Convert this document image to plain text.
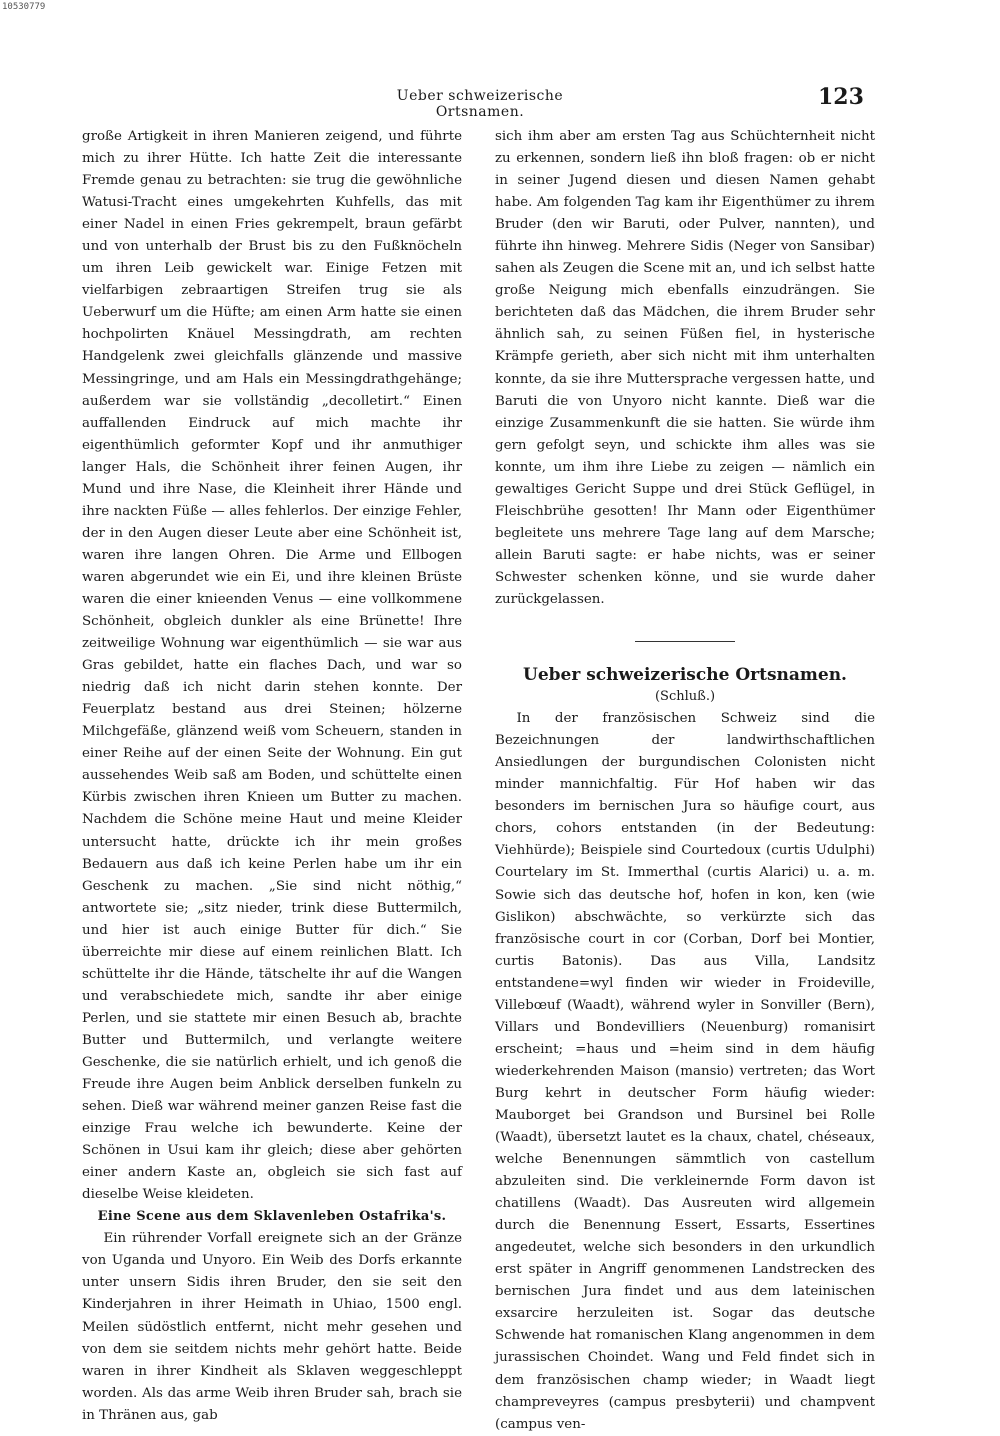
10530779
Ueber schweizerische Ortsnamen.
123

große Artigkeit in ihren Manieren zeigend, und führte mich zu ihrer Hütte. Ich hatte Zeit die interessante Fremde genau zu betrachten: sie trug die gewöhnliche Watusi-Tracht eines umgekehrten Kuhfells, das mit einer Nadel in einen Fries gekrempelt, braun gefärbt und von unterhalb der Brust bis zu den Fußknöcheln um ihren Leib gewickelt war. Einige Fetzen mit vielfarbigen zebraartigen Streifen trug sie als Ueberwurf um die Hüfte; am einen Arm hatte sie einen hochpolirten Knäuel Messingdrath, am rechten Handgelenk zwei gleichfalls glänzende und massive Messingringe, und am Hals ein Messingdrathgehänge; außerdem war sie vollständig „decolletirt.“ Einen auffallenden Eindruck auf mich machte ihr eigenthümlich geformter Kopf und ihr anmuthiger langer Hals, die Schönheit ihrer feinen Augen, ihr Mund und ihre Nase, die Kleinheit ihrer Hände und ihre nackten Füße — alles fehlerlos. Der einzige Fehler, der in den Augen dieser Leute aber eine Schönheit ist, waren ihre langen Ohren. Die Arme und Ellbogen waren abgerundet wie ein Ei, und ihre kleinen Brüste waren die einer knieenden Venus — eine vollkommene Schönheit, obgleich dunkler als eine Brünette! Ihre zeitweilige Wohnung war eigenthümlich — sie war aus Gras gebildet, hatte ein flaches Dach, und war so niedrig daß ich nicht darin stehen konnte. Der Feuerplatz bestand aus drei Steinen; hölzerne Milchgefäße, glänzend weiß vom Scheuern, standen in einer Reihe auf der einen Seite der Wohnung. Ein gut aussehendes Weib saß am Boden, und schüttelte einen Kürbis zwischen ihren Knieen um Butter zu machen. Nachdem die Schöne meine Haut und meine Kleider untersucht hatte, drückte ich ihr mein großes Bedauern aus daß ich keine Perlen habe um ihr ein Geschenk zu machen. „Sie sind nicht nöthig,“ antwortete sie; „sitz nieder, trink diese Buttermilch, und hier ist auch einige Butter für dich.“ Sie überreichte mir diese auf einem reinlichen Blatt. Ich schüttelte ihr die Hände, tätschelte ihr auf die Wangen und verabschiedete mich, sandte ihr aber einige Perlen, und sie stattete mir einen Besuch ab, brachte Butter und Buttermilch, und verlangte weitere Geschenke, die sie natürlich erhielt, und ich genoß die Freude ihre Augen beim Anblick derselben funkeln zu sehen. Dieß war während meiner ganzen Reise fast die einzige Frau welche ich bewunderte. Keine der Schönen in Usui kam ihr gleich; diese aber gehörten einer andern Kaste an, obgleich sie sich fast auf dieselbe Weise kleideten.

Eine Scene aus dem Sklavenleben Ostafrika's.

Ein rührender Vorfall ereignete sich an der Gränze von Uganda und Unyoro. Ein Weib des Dorfs erkannte unter unsern Sidis ihren Bruder, den sie seit den Kinderjahren in ihrer Heimath in Uhiao, 1500 engl. Meilen südöstlich entfernt, nicht mehr gesehen und von dem sie seitdem nichts mehr gehört hatte. Beide waren in ihrer Kindheit als Sklaven weggeschleppt worden. Als das arme Weib ihren Bruder sah, brach sie in Thränen aus, gab

sich ihm aber am ersten Tag aus Schüchternheit nicht zu erkennen, sondern ließ ihn bloß fragen: ob er nicht in seiner Jugend diesen und diesen Namen gehabt habe. Am folgenden Tag kam ihr Eigenthümer zu ihrem Bruder (den wir Baruti, oder Pulver, nannten), und führte ihn hinweg. Mehrere Sidis (Neger von Sansibar) sahen als Zeugen die Scene mit an, und ich selbst hatte große Neigung mich ebenfalls einzudrängen. Sie berichteten daß das Mädchen, die ihrem Bruder sehr ähnlich sah, zu seinen Füßen fiel, in hysterische Krämpfe gerieth, aber sich nicht mit ihm unterhalten konnte, da sie ihre Muttersprache vergessen hatte, und Baruti die von Unyoro nicht kannte. Dieß war die einzige Zusammenkunft die sie hatten. Sie würde ihm gern gefolgt seyn, und schickte ihm alles was sie konnte, um ihm ihre Liebe zu zeigen — nämlich ein gewaltiges Gericht Suppe und drei Stück Geflügel, in Fleischbrühe gesotten! Ihr Mann oder Eigenthümer begleitete uns mehrere Tage lang auf dem Marsche; allein Baruti sagte: er habe nichts, was er seiner Schwester schenken könne, und sie wurde daher zurückgelassen.

Ueber schweizerische Ortsnamen.

(Schluß.)

In der französischen Schweiz sind die Bezeichnungen der landwirthschaftlichen Ansiedlungen der burgundischen Colonisten nicht minder mannichfaltig. Für Hof haben wir das besonders im bernischen Jura so häufige court, aus chors, cohors entstanden (in der Bedeutung: Viehhürde); Beispiele sind Courtedoux (curtis Udulphi) Courtelary im St. Immerthal (curtis Alarici) u. a. m. Sowie sich das deutsche hof, hofen in kon, ken (wie Gislikon) abschwächte, so verkürzte sich das französische court in cor (Corban, Dorf bei Montier, curtis Batonis). Das aus Villa, Landsitz entstandene=wyl finden wir wieder in Froideville, Villebœuf (Waadt), während wyler in Sonviller (Bern), Villars und Bondevilliers (Neuenburg) romanisirt erscheint; =haus und =heim sind in dem häufig wiederkehrenden Maison (mansio) vertreten; das Wort Burg kehrt in deutscher Form häufig wieder: Mauborget bei Grandson und Bursinel bei Rolle (Waadt), übersetzt lautet es la chaux, chatel, chéseaux, welche Benennungen sämmtlich von castellum abzuleiten sind. Die verkleinernde Form davon ist chatillens (Waadt). Das Ausreuten wird allgemein durch die Benennung Essert, Essarts, Essertines angedeutet, welche sich besonders in den urkundlich erst später in Angriff genommenen Landstrecken des bernischen Jura findet und aus dem lateinischen exsarcire herzuleiten ist. Sogar das deutsche Schwende hat romanischen Klang angenommen in dem jurassischen Choindet. Wang und Feld findet sich in dem französischen champ wieder; in Waadt liegt champreveyres (campus presbyterii) und champvent (campus ven-
